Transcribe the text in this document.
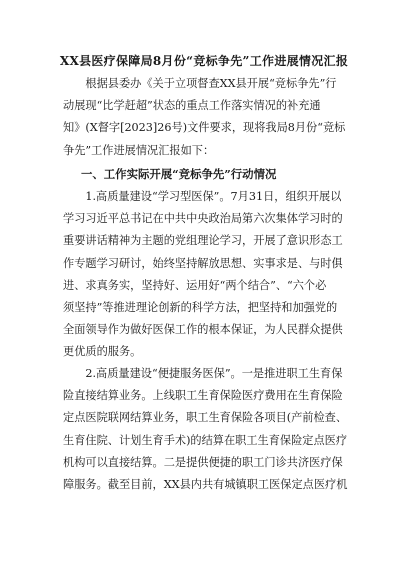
XX县医疗保障局8月份“竞标争先”工作进展情况汇报
　　根据县委办《关于立项督查XX县开展“竞标争先”行
动展现“比学赶超”状态的重点工作落实情况的补充通
知》(X督字[2023]26号)文件要求，现将我局8月份“竞标
争先”工作进展情况汇报如下：
一、工作实际开展“竞标争先”行动情况
　　1.高质量建设“学习型医保”。7月31日，组织开展以
学习习近平总书记在中共中央政治局第六次集体学习时的
重要讲话精神为主题的党组理论学习，开展了意识形态工
作专题学习研讨，始终坚持解放思想、实事求是、与时俱
进、求真务实，坚持好、运用好“两个结合”、“六个必
须坚持”等推进理论创新的科学方法，把坚持和加强党的
全面领导作为做好医保工作的根本保证，为人民群众提供
更优质的服务。
　　2.高质量建设“便捷服务医保”。一是推进职工生育保
险直接结算业务。上线职工生育保险医疗费用在生育保险
定点医院联网结算业务，职工生育保险各项目(产前检查、
生育住院、计划生育手术)的结算在职工生育保险定点医疗
机构可以直接结算。二是提供便捷的职工门诊共济医疗保
障服务。截至目前，XX县内共有城镇职工医保定点医疗机
